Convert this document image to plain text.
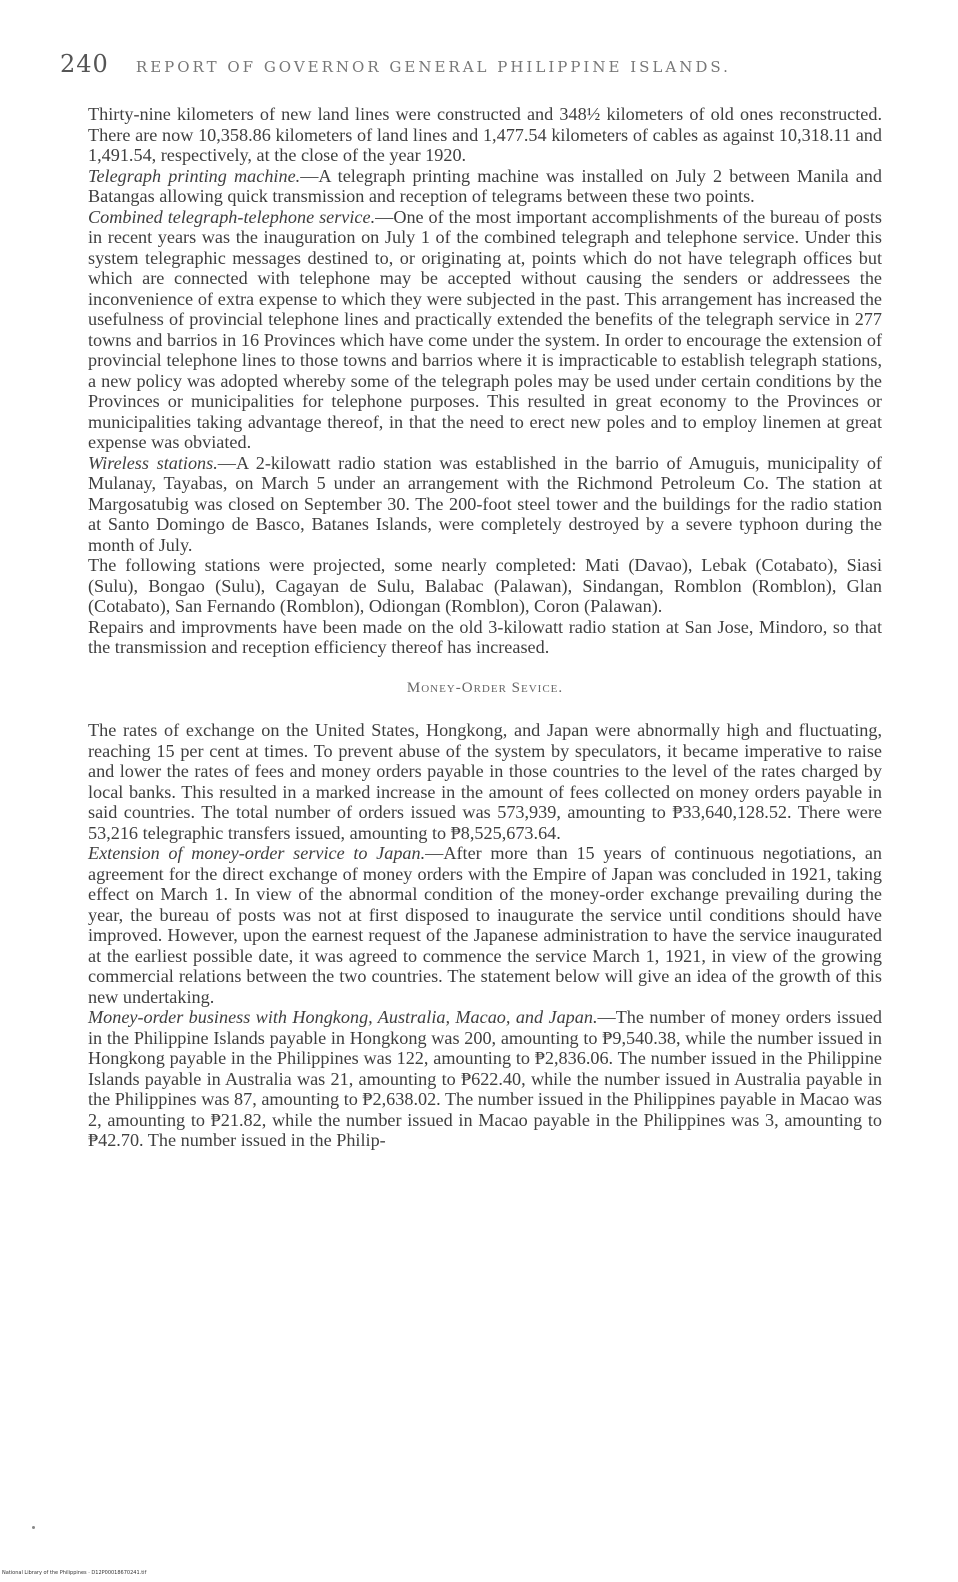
240 REPORT OF GOVERNOR GENERAL PHILIPPINE ISLANDS.

Thirty-nine kilometers of new land lines were constructed and 348½ kilometers of old ones reconstructed. There are now 10,358.86 kilometers of land lines and 1,477.54 kilometers of cables as against 10,318.11 and 1,491.54, respectively, at the close of the year 1920.

Telegraph printing machine.—A telegraph printing machine was installed on July 2 between Manila and Batangas allowing quick transmission and reception of telegrams between these two points.

Combined telegraph-telephone service.—One of the most important accomplishments of the bureau of posts in recent years was the inauguration on July 1 of the combined telegraph and telephone service. Under this system telegraphic messages destined to, or originating at, points which do not have telegraph offices but which are connected with telephone may be accepted without causing the senders or addressees the inconvenience of extra expense to which they were subjected in the past. This arrangement has increased the usefulness of provincial telephone lines and practically extended the benefits of the telegraph service in 277 towns and barrios in 16 Provinces which have come under the system. In order to encourage the extension of provincial telephone lines to those towns and barrios where it is impracticable to establish telegraph stations, a new policy was adopted whereby some of the telegraph poles may be used under certain conditions by the Provinces or municipalities for telephone purposes. This resulted in great economy to the Provinces or municipalities taking advantage thereof, in that the need to erect new poles and to employ linemen at great expense was obviated.

Wireless stations.—A 2-kilowatt radio station was established in the barrio of Amuguis, municipality of Mulanay, Tayabas, on March 5 under an arrangement with the Richmond Petroleum Co. The station at Margosatubig was closed on September 30. The 200-foot steel tower and the buildings for the radio station at Santo Domingo de Basco, Batanes Islands, were completely destroyed by a severe typhoon during the month of July.

The following stations were projected, some nearly completed: Mati (Davao), Lebak (Cotabato), Siasi (Sulu), Bongao (Sulu), Cagayan de Sulu, Balabac (Palawan), Sindangan, Romblon (Romblon), Glan (Cotabato), San Fernando (Romblon), Odiongan (Romblon), Coron (Palawan).

Repairs and improvments have been made on the old 3-kilowatt radio station at San Jose, Mindoro, so that the transmission and reception efficiency thereof has increased.

Money-Order Sevice.

The rates of exchange on the United States, Hongkong, and Japan were abnormally high and fluctuating, reaching 15 per cent at times. To prevent abuse of the system by speculators, it became imperative to raise and lower the rates of fees and money orders payable in those countries to the level of the rates charged by local banks. This resulted in a marked increase in the amount of fees collected on money orders payable in said countries. The total number of orders issued was 573,939, amounting to ₱33,640,128.52. There were 53,216 telegraphic transfers issued, amounting to ₱8,525,673.64.

Extension of money-order service to Japan.—After more than 15 years of continuous negotiations, an agreement for the direct exchange of money orders with the Empire of Japan was concluded in 1921, taking effect on March 1. In view of the abnormal condition of the money-order exchange prevailing during the year, the bureau of posts was not at first disposed to inaugurate the service until conditions should have improved. However, upon the earnest request of the Japanese administration to have the service inaugurated at the earliest possible date, it was agreed to commence the service March 1, 1921, in view of the growing commercial relations between the two countries. The statement below will give an idea of the growth of this new undertaking.

Money-order business with Hongkong, Australia, Macao, and Japan.—The number of money orders issued in the Philippine Islands payable in Hongkong was 200, amounting to ₱9,540.38, while the number issued in Hongkong payable in the Philippines was 122, amounting to ₱2,836.06. The number issued in the Philippine Islands payable in Australia was 21, amounting to ₱622.40, while the number issued in Australia payable in the Philippines was 87, amounting to ₱2,638.02. The number issued in the Philippines payable in Macao was 2, amounting to ₱21.82, while the number issued in Macao payable in the Philippines was 3, amounting to ₱42.70. The number issued in the Philip-

National Library of the Philippines · D12P00018670241.tif
